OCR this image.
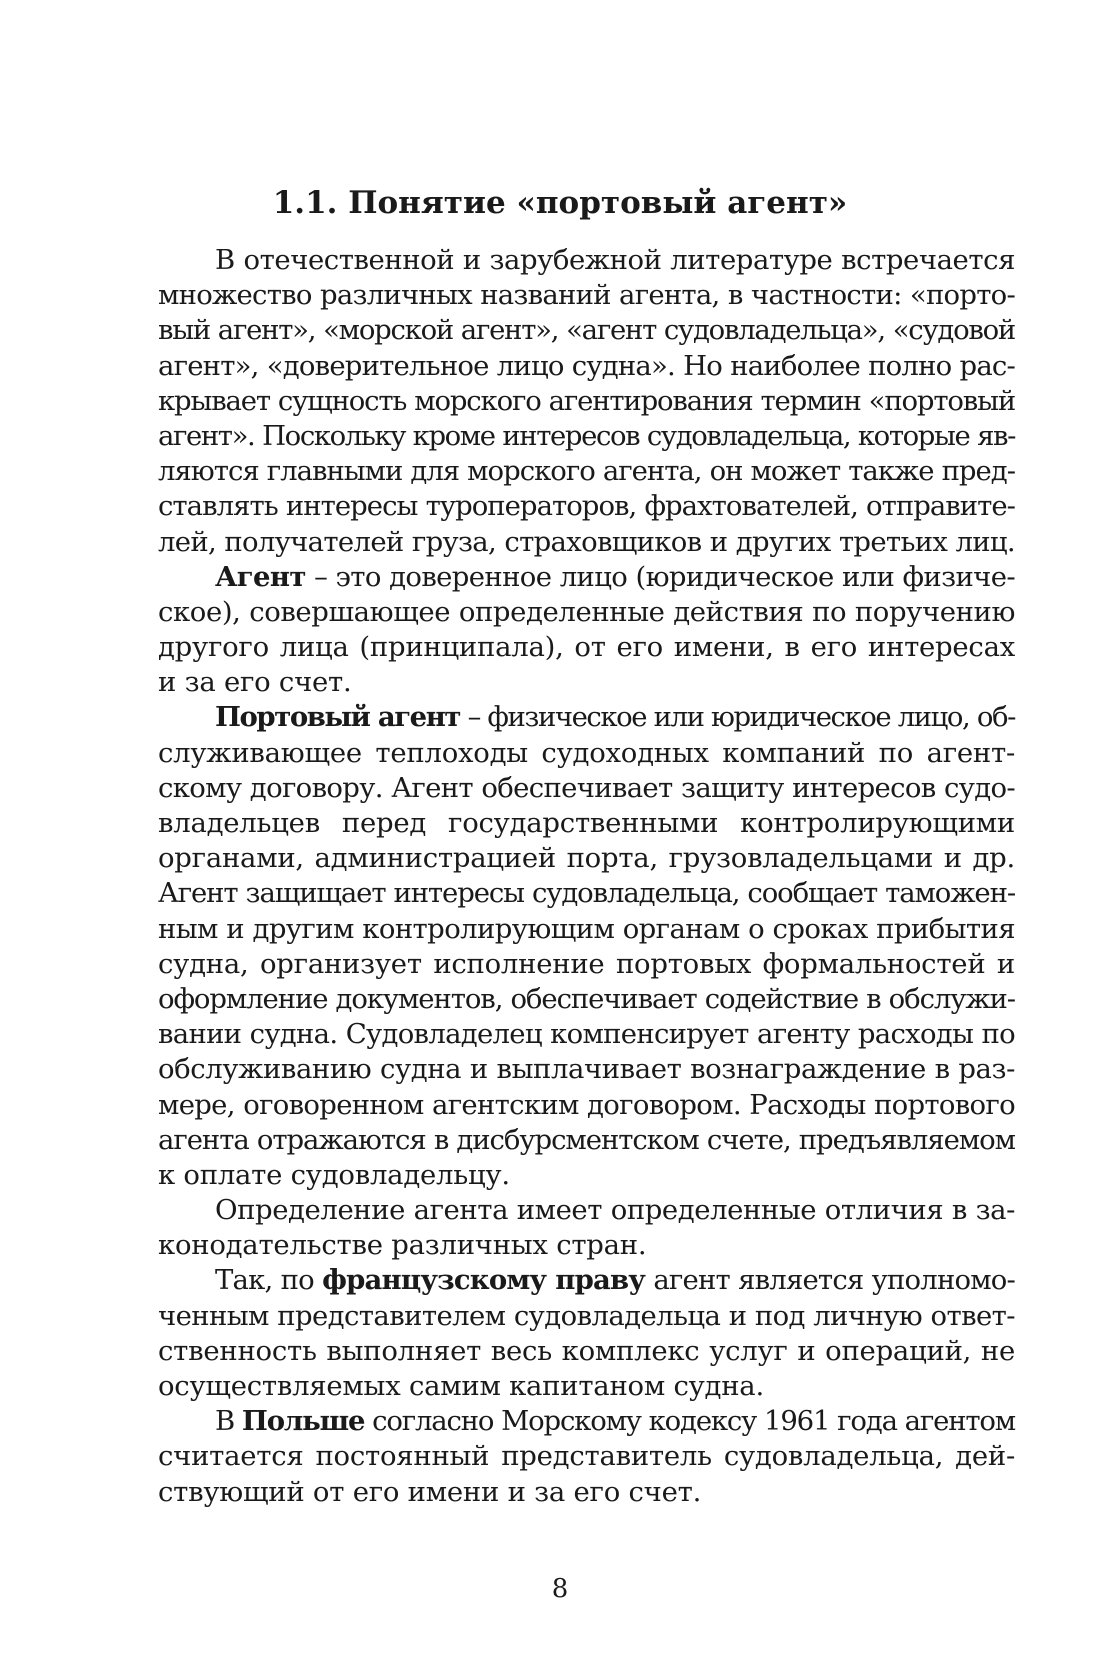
1.1. Понятие «портовый агент»
В отечественной и зарубежной литературе встречается
множество различных названий агента, в частности: «порто-
вый агент», «морской агент», «агент судовладельца», «судовой
агент», «доверительное лицо судна». Но наиболее полно рас-
крывает сущность морского агентирования термин «портовый
агент». Поскольку кроме интересов судовладельца, которые яв-
ляются главными для морского агента, он может также пред-
ставлять интересы туроператоров, фрахтователей, отправите-
лей, получателей груза, страховщиков и других третьих лиц.
Агент – это доверенное лицо (юридическое или физиче-
ское), совершающее определенные действия по поручению
другого лица (принципала), от его имени, в его интересах
и за его счет.
Портовый агент – физическое или юридическое лицо, об-
служивающее теплоходы судоходных компаний по агент-
скому договору. Агент обеспечивает защиту интересов судо-
владельцев перед государственными контролирующими
органами, администрацией порта, грузовладельцами и др.
Агент защищает интересы судовладельца, сообщает таможен-
ным и другим контролирующим органам о сроках прибытия
судна, организует исполнение портовых формальностей и
оформление документов, обеспечивает содействие в обслужи-
вании судна. Судовладелец компенсирует агенту расходы по
обслуживанию судна и выплачивает вознаграждение в раз-
мере, оговоренном агентским договором. Расходы портового
агента отражаются в дисбурсментском счете, предъявляемом
к оплате судовладельцу.
Определение агента имеет определенные отличия в за-
конодательстве различных стран.
Так, по французскому праву агент является уполномо-
ченным представителем судовладельца и под личную ответ-
ственность выполняет весь комплекс услуг и операций, не
осуществляемых самим капитаном судна.
В Польше согласно Морскому кодексу 1961 года агентом
считается постоянный представитель судовладельца, дей-
ствующий от его имени и за его счет.
8
